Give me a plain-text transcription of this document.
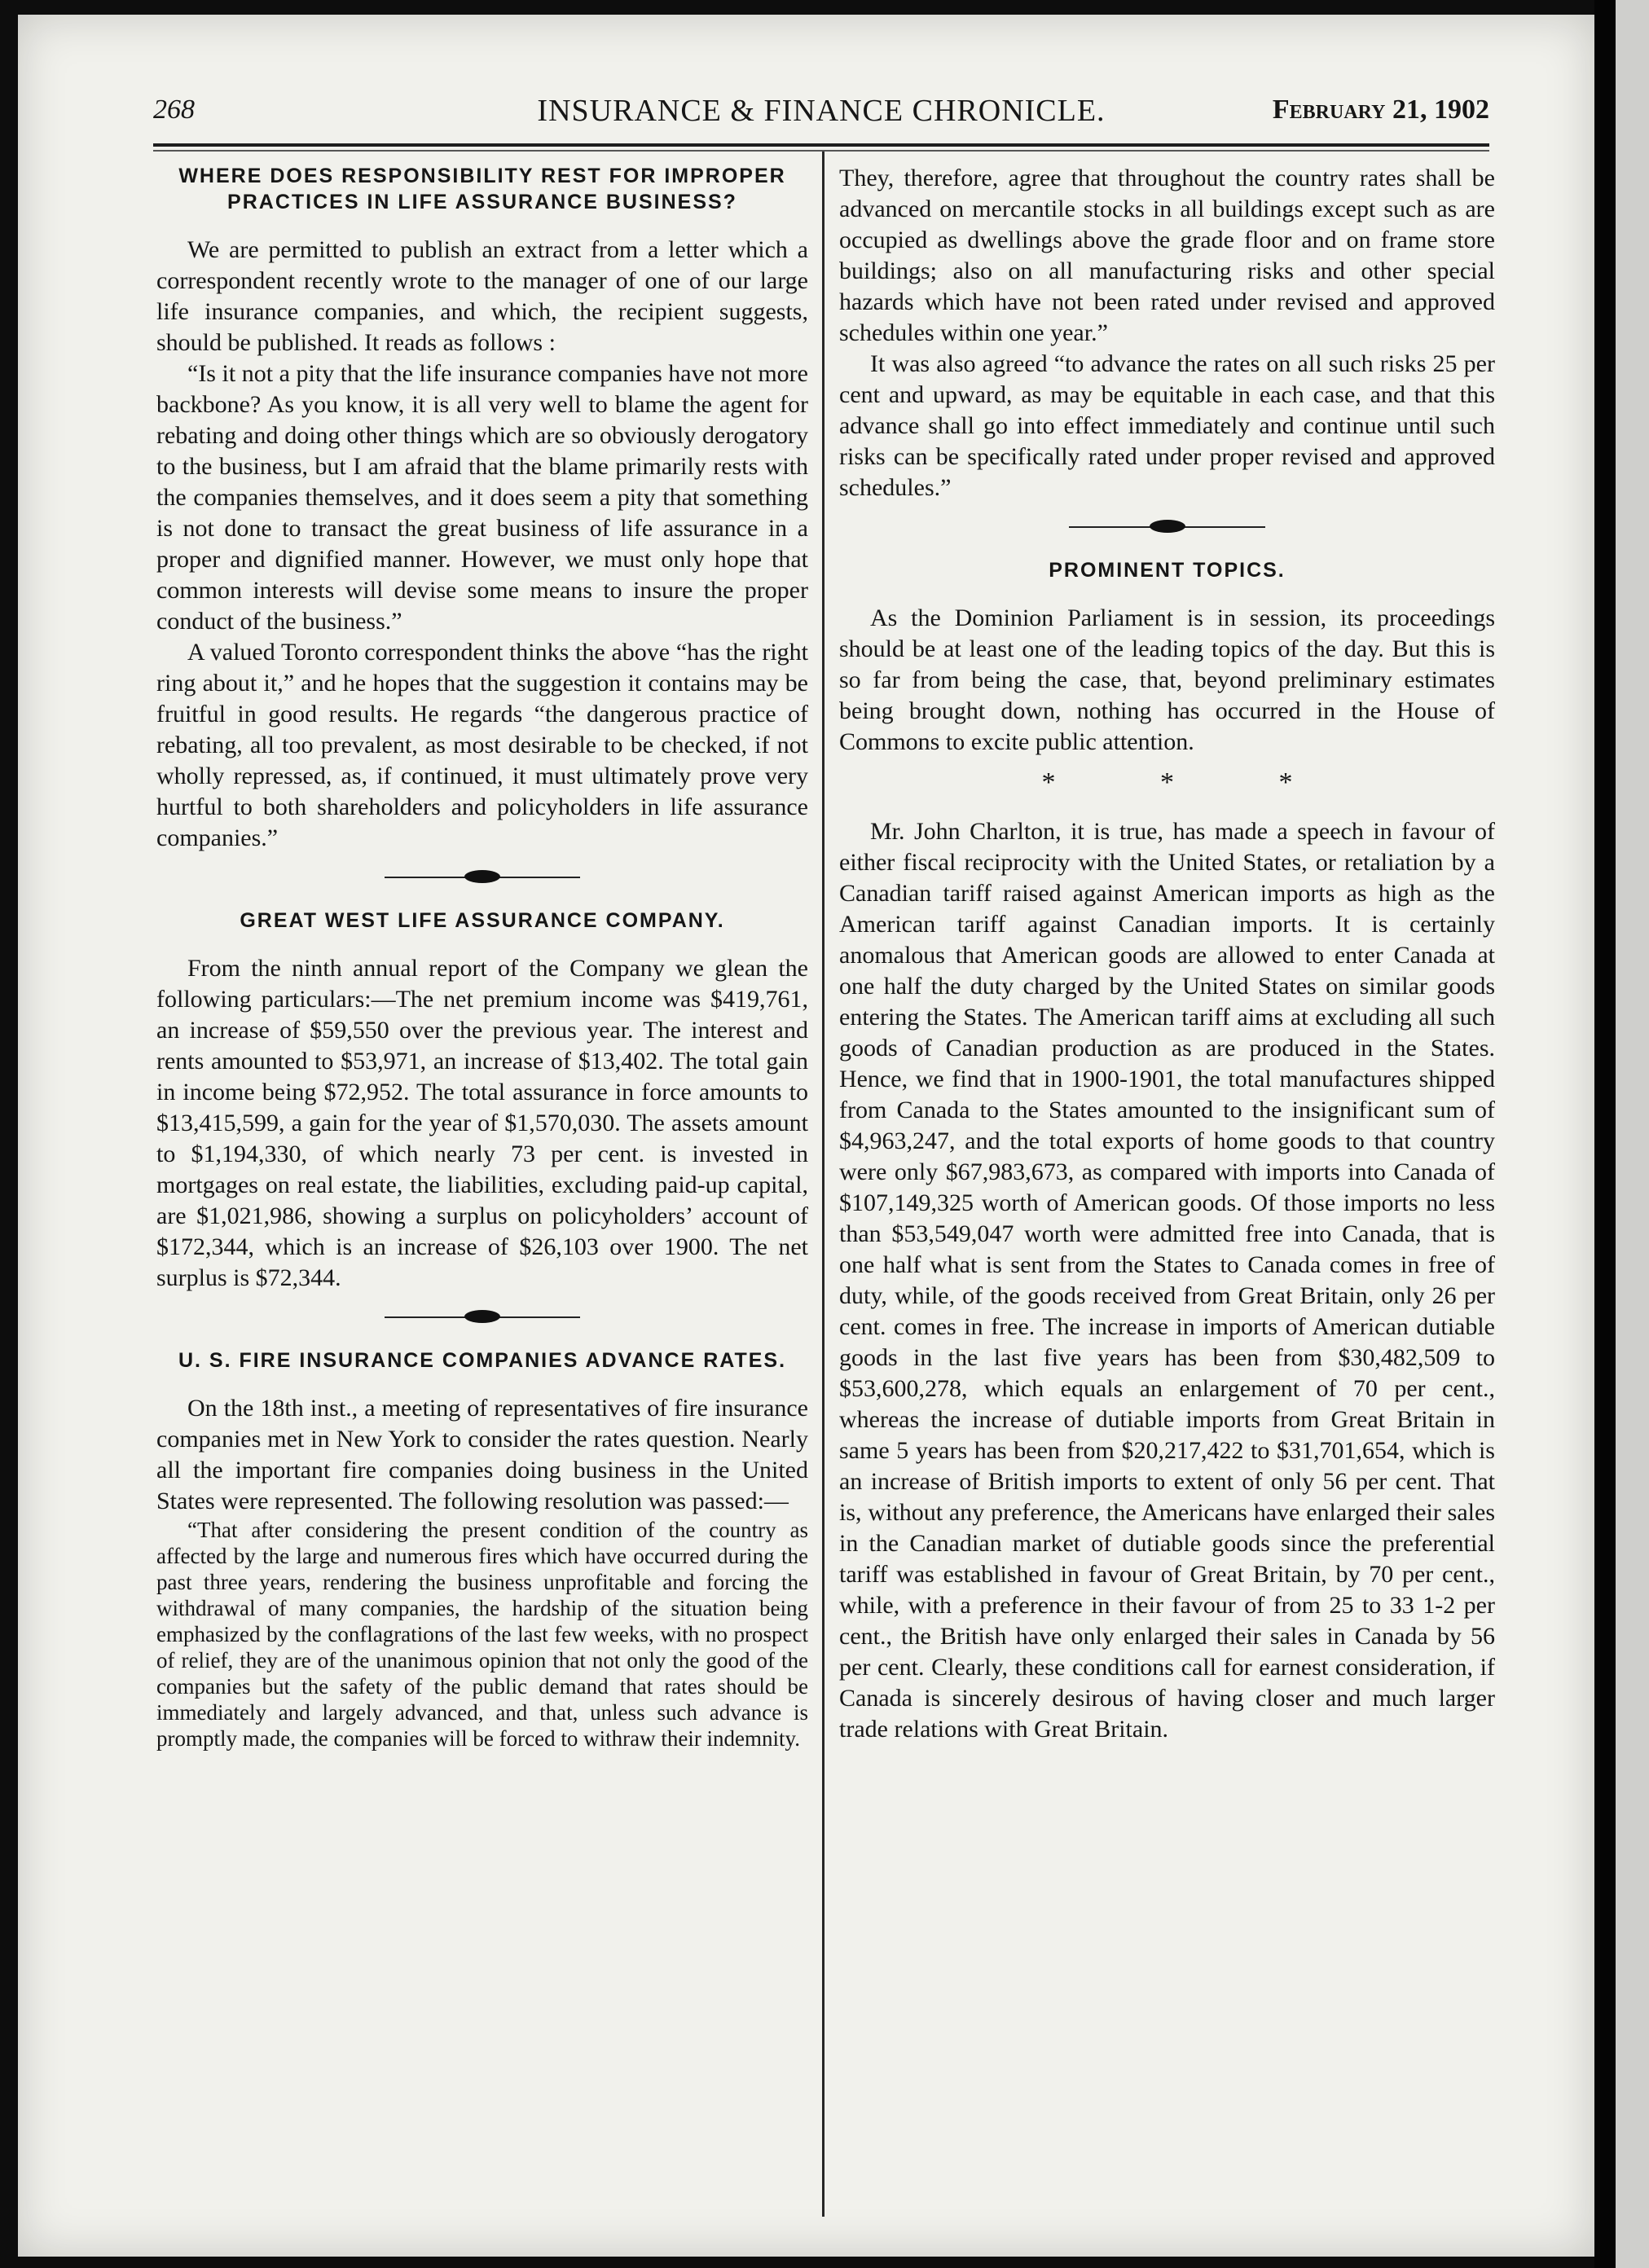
268	INSURANCE & FINANCE CHRONICLE.	February 21, 1902
WHERE DOES RESPONSIBILITY REST FOR IMPROPER PRACTICES IN LIFE ASSURANCE BUSINESS?

We are permitted to publish an extract from a letter which a correspondent recently wrote to the manager of one of our large life insurance companies, and which, the recipient suggests, should be published. It reads as follows :

“Is it not a pity that the life insurance companies have not more backbone? As you know, it is all very well to blame the agent for rebating and doing other things which are so obviously derogatory to the business, but I am afraid that the blame primarily rests with the companies themselves, and it does seem a pity that something is not done to transact the great business of life assurance in a proper and dignified manner. However, we must only hope that common interests will devise some means to insure the proper conduct of the business.”

A valued Toronto correspondent thinks the above “has the right ring about it,” and he hopes that the suggestion it contains may be fruitful in good results. He regards “the dangerous practice of rebating, all too prevalent, as most desirable to be checked, if not wholly repressed, as, if continued, it must ultimately prove very hurtful to both shareholders and policyholders in life assurance companies.”

GREAT WEST LIFE ASSURANCE COMPANY.

From the ninth annual report of the Company we glean the following particulars:—The net premium income was $419,761, an increase of $59,550 over the previous year. The interest and rents amounted to $53,971, an increase of $13,402. The total gain in income being $72,952. The total assurance in force amounts to $13,415,599, a gain for the year of $1,570,030. The assets amount to $1,194,330, of which nearly 73 per cent. is invested in mortgages on real estate, the liabilities, excluding paid-up capital, are $1,021,986, showing a surplus on policyholders’ account of $172,344, which is an increase of $26,103 over 1900. The net surplus is $72,344.

U. S. FIRE INSURANCE COMPANIES ADVANCE RATES.

On the 18th inst., a meeting of representatives of fire insurance companies met in New York to consider the rates question. Nearly all the important fire companies doing business in the United States were represented. The following resolution was passed:—

“That after considering the present condition of the country as affected by the large and numerous fires which have occurred during the past three years, rendering the business unprofitable and forcing the withdrawal of many companies, the hardship of the situation being emphasized by the conflagrations of the last few weeks, with no prospect of relief, they are of the unanimous opinion that not only the good of the companies but the safety of the public demand that rates should be immediately and largely advanced, and that, unless such advance is promptly made, the companies will be forced to withraw their indemnity.

They, therefore, agree that throughout the country rates shall be advanced on mercantile stocks in all buildings except such as are occupied as dwellings above the grade floor and on frame store buildings; also on all manufacturing risks and other special hazards which have not been rated under revised and approved schedules within one year.”

It was also agreed “to advance the rates on all such risks 25 per cent and upward, as may be equitable in each case, and that this advance shall go into effect immediately and continue until such risks can be specifically rated under proper revised and approved schedules.”

PROMINENT TOPICS.

As the Dominion Parliament is in session, its proceedings should be at least one of the leading topics of the day. But this is so far from being the case, that, beyond preliminary estimates being brought down, nothing has occurred in the House of Commons to excite public attention.

* * *

Mr. John Charlton, it is true, has made a speech in favour of either fiscal reciprocity with the United States, or retaliation by a Canadian tariff raised against American imports as high as the American tariff against Canadian imports. It is certainly anomalous that American goods are allowed to enter Canada at one half the duty charged by the United States on similar goods entering the States. The American tariff aims at excluding all such goods of Canadian production as are produced in the States. Hence, we find that in 1900-1901, the total manufactures shipped from Canada to the States amounted to the insignificant sum of $4,963,247, and the total exports of home goods to that country were only $67,983,673, as compared with imports into Canada of $107,149,325 worth of American goods. Of those imports no less than $53,549,047 worth were admitted free into Canada, that is one half what is sent from the States to Canada comes in free of duty, while, of the goods received from Great Britain, only 26 per cent. comes in free. The increase in imports of American dutiable goods in the last five years has been from $30,482,509 to $53,600,278, which equals an enlargement of 70 per cent., whereas the increase of dutiable imports from Great Britain in same 5 years has been from $20,217,422 to $31,701,654, which is an increase of British imports to extent of only 56 per cent. That is, without any preference, the Americans have enlarged their sales in the Canadian market of dutiable goods since the preferential tariff was established in favour of Great Britain, by 70 per cent., while, with a preference in their favour of from 25 to 33 1-2 per cent., the British have only enlarged their sales in Canada by 56 per cent. Clearly, these conditions call for earnest consideration, if Canada is sincerely desirous of having closer and much larger trade relations with Great Britain.
